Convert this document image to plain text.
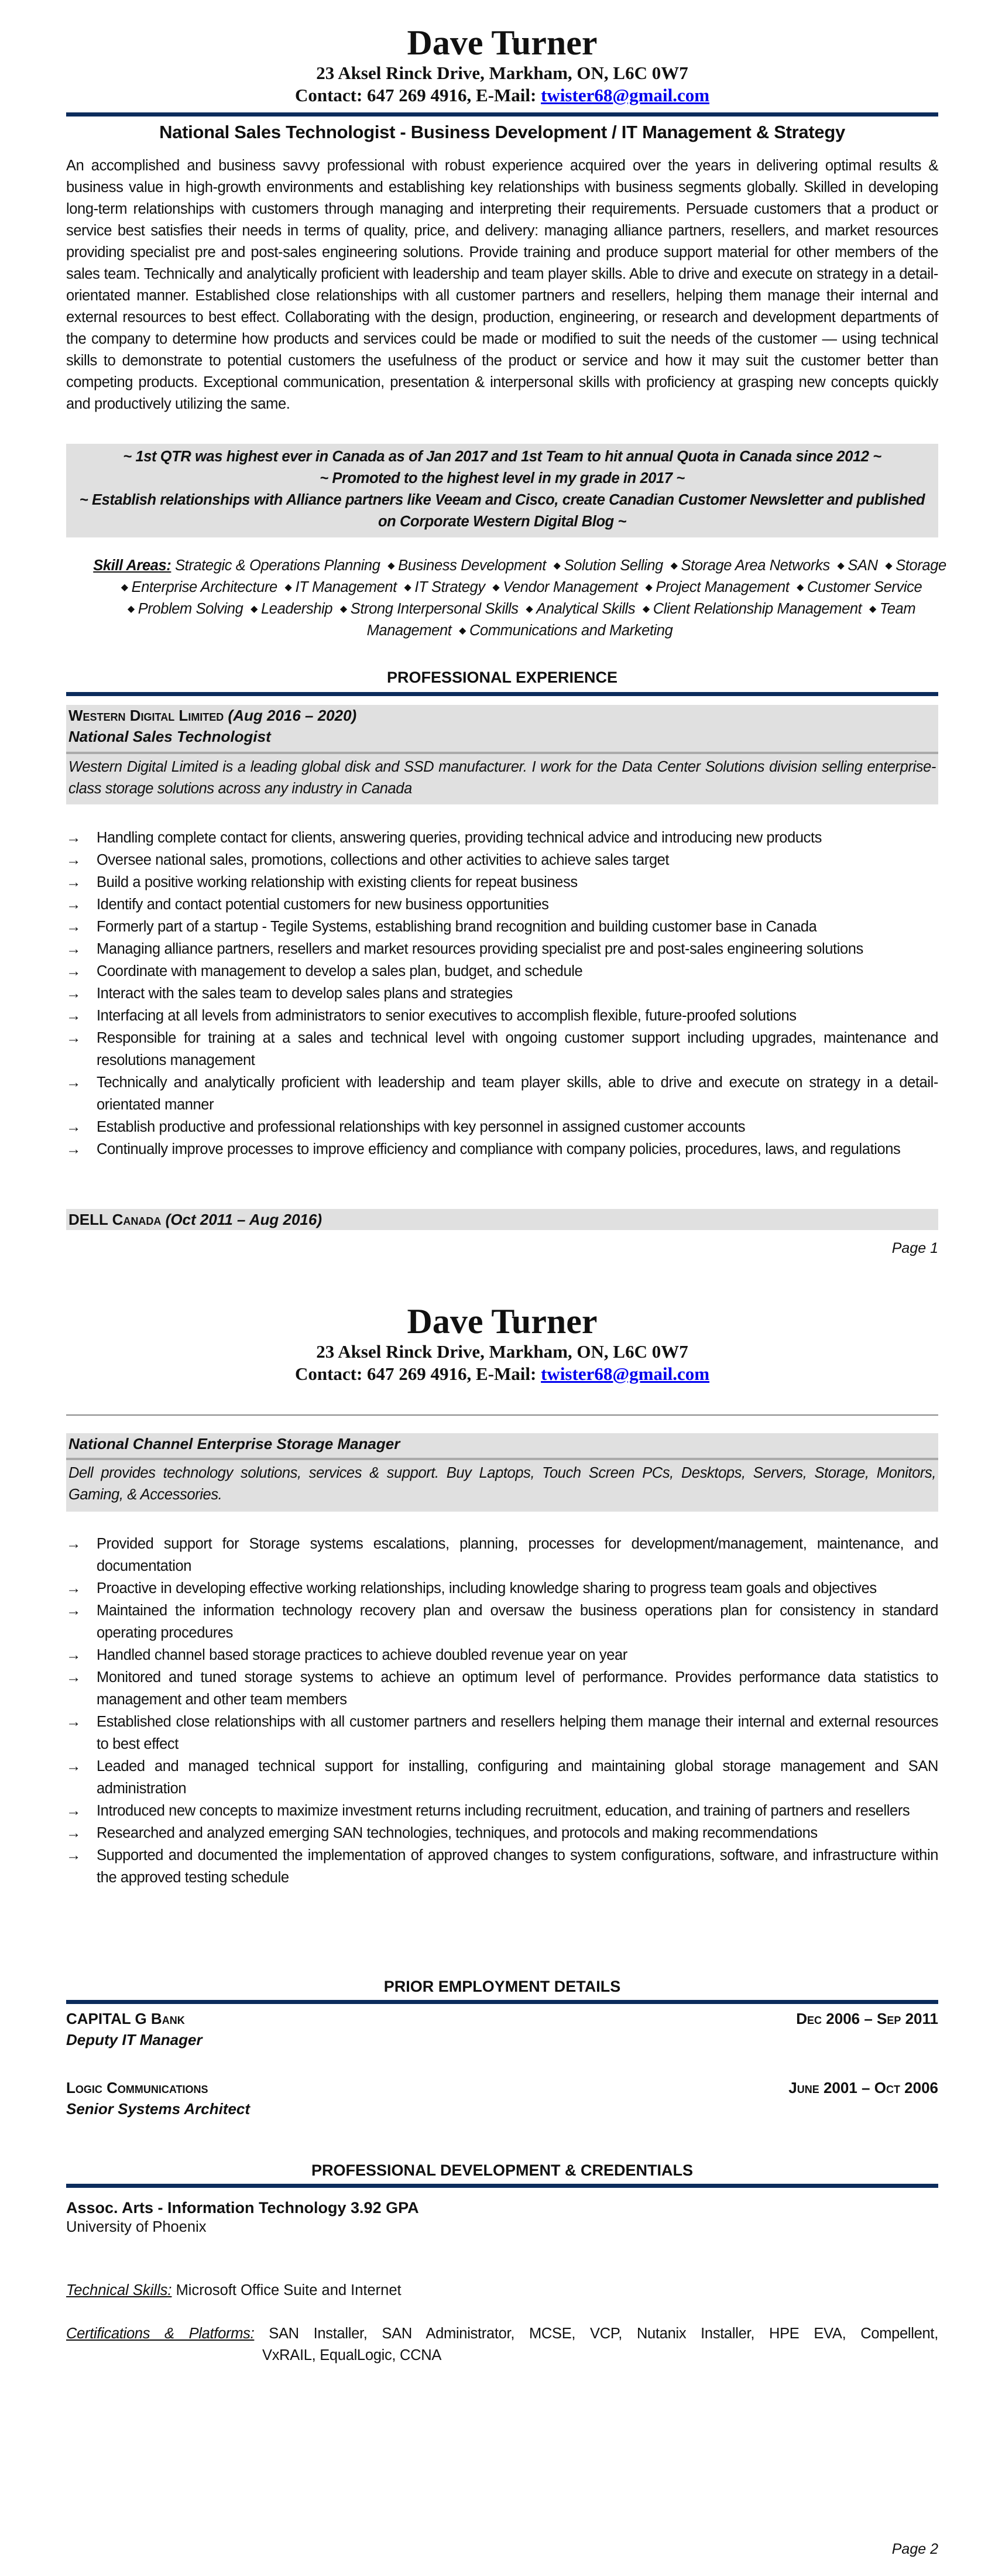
Dave Turner
23 Aksel Rinck Drive, Markham, ON, L6C 0W7
Contact: 647 269 4916, E-Mail: twister68@gmail.com
National Sales Technologist - Business Development / IT Management & Strategy
An accomplished and business savvy professional with robust experience acquired over the years in delivering optimal results & business value in high-growth environments and establishing key relationships with business segments globally. Skilled in developing long-term relationships with customers through managing and interpreting their requirements. Persuade customers that a product or service best satisfies their needs in terms of quality, price, and delivery: managing alliance partners, resellers, and market resources providing specialist pre and post-sales engineering solutions. Provide training and produce support material for other members of the sales team. Technically and analytically proficient with leadership and team player skills. Able to drive and execute on strategy in a detail-orientated manner. Established close relationships with all customer partners and resellers, helping them manage their internal and external resources to best effect. Collaborating with the design, production, engineering, or research and development departments of the company to determine how products and services could be made or modified to suit the needs of the customer — using technical skills to demonstrate to potential customers the usefulness of the product or service and how it may suit the customer better than competing products. Exceptional communication, presentation & interpersonal skills with proficiency at grasping new concepts quickly and productively utilizing the same.
~ 1st QTR was highest ever in Canada as of Jan 2017 and 1st Team to hit annual Quota in Canada since 2012 ~
~ Promoted to the highest level in my grade in 2017 ~
~ Establish relationships with Alliance partners like Veeam and Cisco, create Canadian Customer Newsletter and published on Corporate Western Digital Blog ~
Skill Areas: Strategic & Operations Planning ◆ Business Development ◆ Solution Selling ◆ Storage Area Networks ◆ SAN ◆ Storage ◆ Enterprise Architecture ◆ IT Management ◆ IT Strategy ◆ Vendor Management ◆ Project Management ◆ Customer Service ◆ Problem Solving ◆ Leadership ◆ Strong Interpersonal Skills ◆ Analytical Skills ◆ Client Relationship Management ◆ Team Management ◆ Communications and Marketing
PROFESSIONAL EXPERIENCE
Western Digital Limited (Aug 2016 – 2020)
National Sales Technologist
Western Digital Limited is a leading global disk and SSD manufacturer. I work for the Data Center Solutions division selling enterprise-class storage solutions across any industry in Canada
→ Handling complete contact for clients, answering queries, providing technical advice and introducing new products
→ Oversee national sales, promotions, collections and other activities to achieve sales target
→ Build a positive working relationship with existing clients for repeat business
→ Identify and contact potential customers for new business opportunities
→ Formerly part of a startup - Tegile Systems, establishing brand recognition and building customer base in Canada
→ Managing alliance partners, resellers and market resources providing specialist pre and post-sales engineering solutions
→ Coordinate with management to develop a sales plan, budget, and schedule
→ Interact with the sales team to develop sales plans and strategies
→ Interfacing at all levels from administrators to senior executives to accomplish flexible, future-proofed solutions
→ Responsible for training at a sales and technical level with ongoing customer support including upgrades, maintenance and resolutions management
→ Technically and analytically proficient with leadership and team player skills, able to drive and execute on strategy in a detail-orientated manner
→ Establish productive and professional relationships with key personnel in assigned customer accounts
→ Continually improve processes to improve efficiency and compliance with company policies, procedures, laws, and regulations
DELL Canada (Oct 2011 – Aug 2016)
Page 1
Dave Turner
23 Aksel Rinck Drive, Markham, ON, L6C 0W7
Contact: 647 269 4916, E-Mail: twister68@gmail.com
National Channel Enterprise Storage Manager
Dell provides technology solutions, services & support. Buy Laptops, Touch Screen PCs, Desktops, Servers, Storage, Monitors, Gaming, & Accessories.
→ Provided support for Storage systems escalations, planning, processes for development/management, maintenance, and documentation
→ Proactive in developing effective working relationships, including knowledge sharing to progress team goals and objectives
→ Maintained the information technology recovery plan and oversaw the business operations plan for consistency in standard operating procedures
→ Handled channel based storage practices to achieve doubled revenue year on year
→ Monitored and tuned storage systems to achieve an optimum level of performance. Provides performance data statistics to management and other team members
→ Established close relationships with all customer partners and resellers helping them manage their internal and external resources to best effect
→ Leaded and managed technical support for installing, configuring and maintaining global storage management and SAN administration
→ Introduced new concepts to maximize investment returns including recruitment, education, and training of partners and resellers
→ Researched and analyzed emerging SAN technologies, techniques, and protocols and making recommendations
→ Supported and documented the implementation of approved changes to system configurations, software, and infrastructure within the approved testing schedule
PRIOR EMPLOYMENT DETAILS
CAPITAL G Bank	Dec 2006 – Sep 2011
Deputy IT Manager
Logic Communications	June 2001 – Oct 2006
Senior Systems Architect
PROFESSIONAL DEVELOPMENT & CREDENTIALS
Assoc. Arts - Information Technology 3.92 GPA
University of Phoenix
Technical Skills: Microsoft Office Suite and Internet
Certifications & Platforms: SAN Installer, SAN Administrator, MCSE, VCP, Nutanix Installer, HPE EVA, Compellent,
VxRAIL, EqualLogic, CCNA
Page 2
